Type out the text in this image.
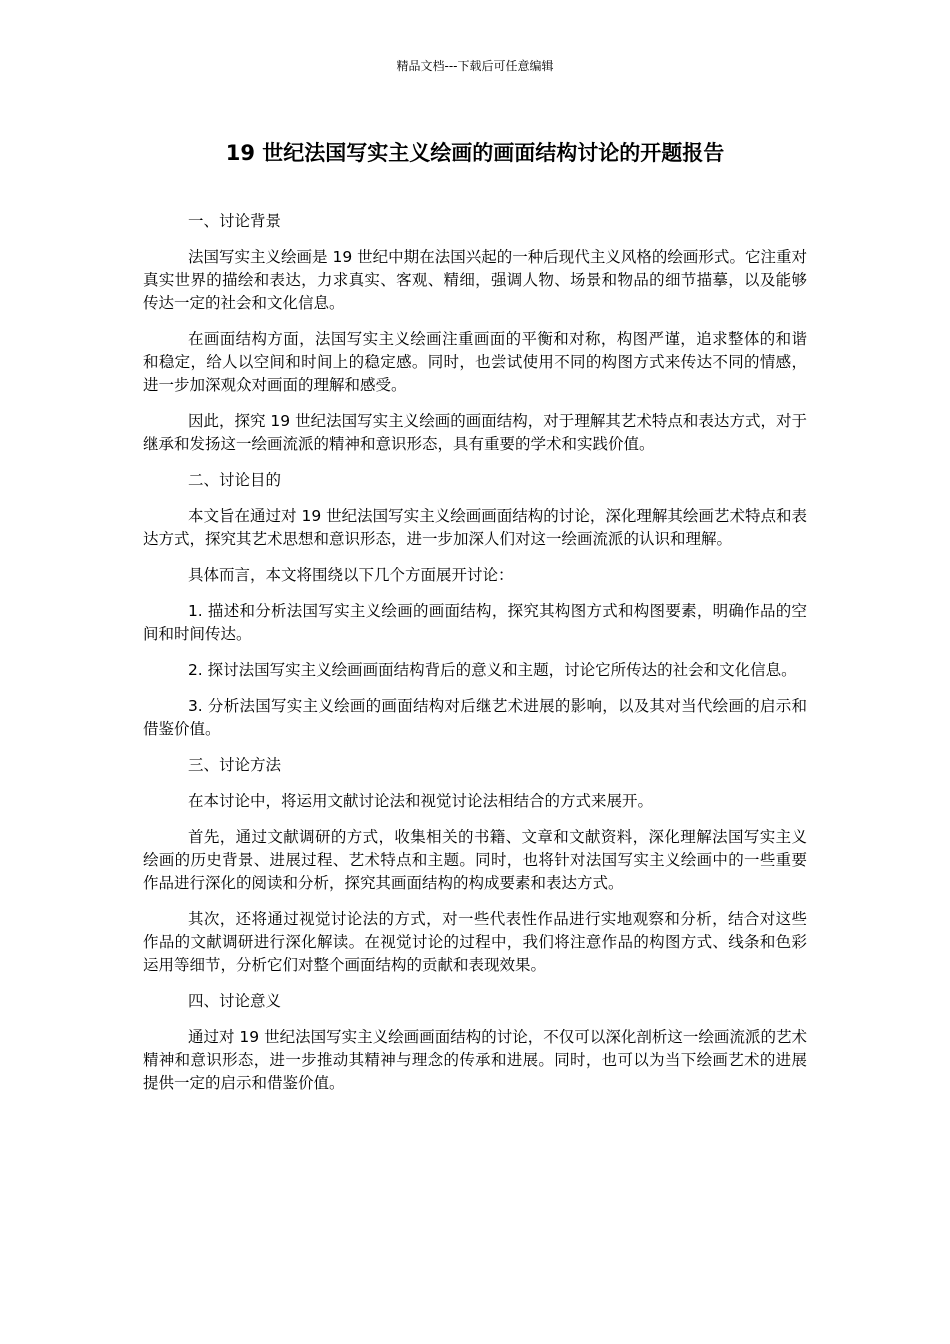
精品文档---下载后可任意编辑
19 世纪法国写实主义绘画的画面结构讨论的开题报告

一、讨论背景

法国写实主义绘画是 19 世纪中期在法国兴起的一种后现代主义风格的绘画形式。它注重对真实世界的描绘和表达，力求真实、客观、精细，强调人物、场景和物品的细节描摹，以及能够传达一定的社会和文化信息。

在画面结构方面，法国写实主义绘画注重画面的平衡和对称，构图严谨，追求整体的和谐和稳定，给人以空间和时间上的稳定感。同时，也尝试使用不同的构图方式来传达不同的情感，进一步加深观众对画面的理解和感受。

因此，探究 19 世纪法国写实主义绘画的画面结构，对于理解其艺术特点和表达方式，对于继承和发扬这一绘画流派的精神和意识形态，具有重要的学术和实践价值。

二、讨论目的

本文旨在通过对 19 世纪法国写实主义绘画画面结构的讨论，深化理解其绘画艺术特点和表达方式，探究其艺术思想和意识形态，进一步加深人们对这一绘画流派的认识和理解。

具体而言，本文将围绕以下几个方面展开讨论：

1. 描述和分析法国写实主义绘画的画面结构，探究其构图方式和构图要素，明确作品的空间和时间传达。

2. 探讨法国写实主义绘画画面结构背后的意义和主题，讨论它所传达的社会和文化信息。

3. 分析法国写实主义绘画的画面结构对后继艺术进展的影响，以及其对当代绘画的启示和借鉴价值。

三、讨论方法

在本讨论中，将运用文献讨论法和视觉讨论法相结合的方式来展开。

首先，通过文献调研的方式，收集相关的书籍、文章和文献资料，深化理解法国写实主义绘画的历史背景、进展过程、艺术特点和主题。同时，也将针对法国写实主义绘画中的一些重要作品进行深化的阅读和分析，探究其画面结构的构成要素和表达方式。

其次，还将通过视觉讨论法的方式，对一些代表性作品进行实地观察和分析，结合对这些作品的文献调研进行深化解读。在视觉讨论的过程中，我们将注意作品的构图方式、线条和色彩运用等细节，分析它们对整个画面结构的贡献和表现效果。

四、讨论意义

通过对 19 世纪法国写实主义绘画画面结构的讨论，不仅可以深化剖析这一绘画流派的艺术精神和意识形态，进一步推动其精神与理念的传承和进展。同时，也可以为当下绘画艺术的进展提供一定的启示和借鉴价值。
